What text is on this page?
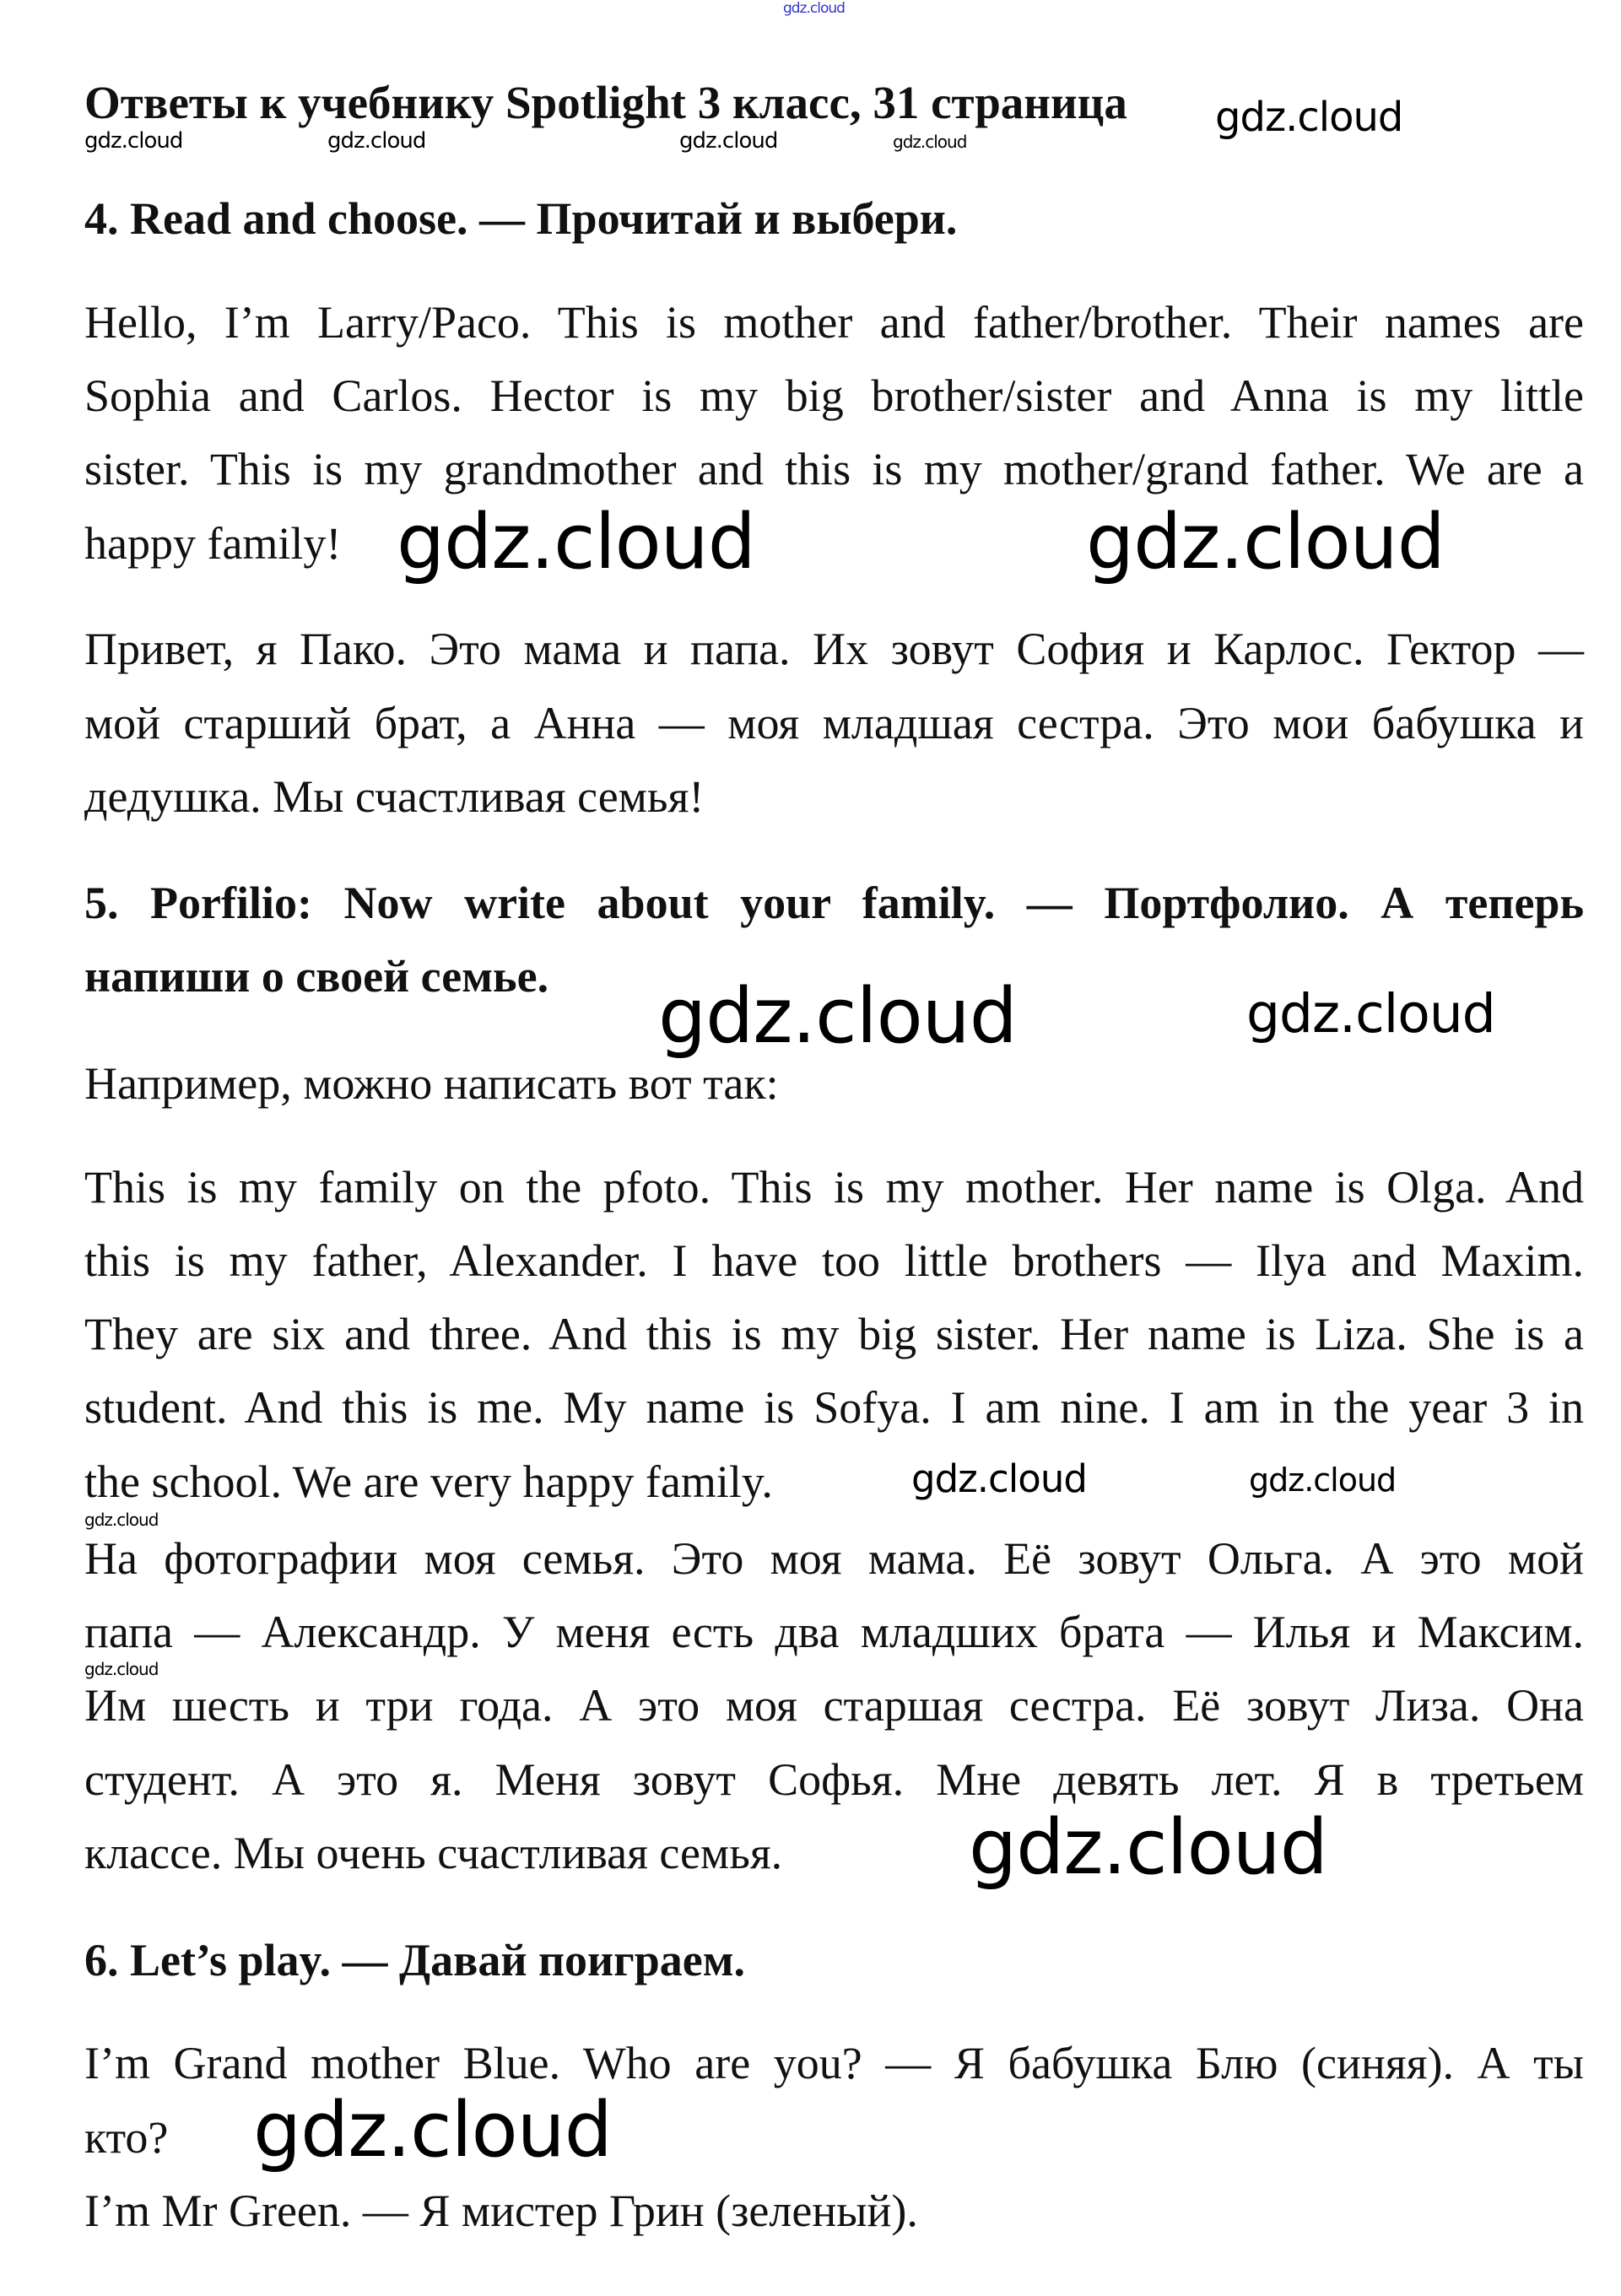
gdz.cloud
Ответы к учебнику Spotlight 3 класс, 31 страница
4. Read and choose. — Прочитай и выбери.
Hello, I’m Larry/Paco. This is mother and father/brother. Their names are
Sophia and Carlos. Hector is my big brother/sister and Anna is my little
sister. This is my grandmother and this is my mother/grand father. We are a
happy family!
Привет, я Пако. Это мама и папа. Их зовут София и Карлос. Гектор —
мой старший брат, а Анна — моя младшая сестра. Это мои бабушка и
дедушка. Мы счастливая семья!
5. Porfilio: Now write about your family. — Портфолио. А теперь
напиши о своей семье.
Например, можно написать вот так:
This is my family on the pfoto. This is my mother. Her name is Olga. And
this is my father, Alexander. I have too little brothers — Ilya and Maxim.
They are six and three. And this is my big sister. Her name is Liza. She is a
student. And this is me. My name is Sofya. I am nine. I am in the year 3 in
the school. We are very happy family.
На фотографии моя семья. Это моя мама. Её зовут Ольга. А это мой
папа — Александр. У меня есть два младших брата — Илья и Максим.
Им шесть и три года. А это моя старшая сестра. Её зовут Лиза. Она
студент. А это я. Меня зовут Софья. Мне девять лет. Я в третьем
классе. Мы очень счастливая семья.
6. Let’s play. — Давай поиграем.
I’m Grand mother Blue. Who are you? — Я бабушка Блю (синяя). А ты
кто?
I’m Mr Green. — Я мистер Грин (зеленый).
gdz.cloud	gdz.cloud	gdz.cloud	gdz.cloud
gdz.cloud
gdz.cloud	gdz.cloud
gdz.cloud	gdz.cloud
gdz.cloud
gdz.cloud
gdz.cloud
gdz.cloud
gdz.cloud
gdz.cloud
